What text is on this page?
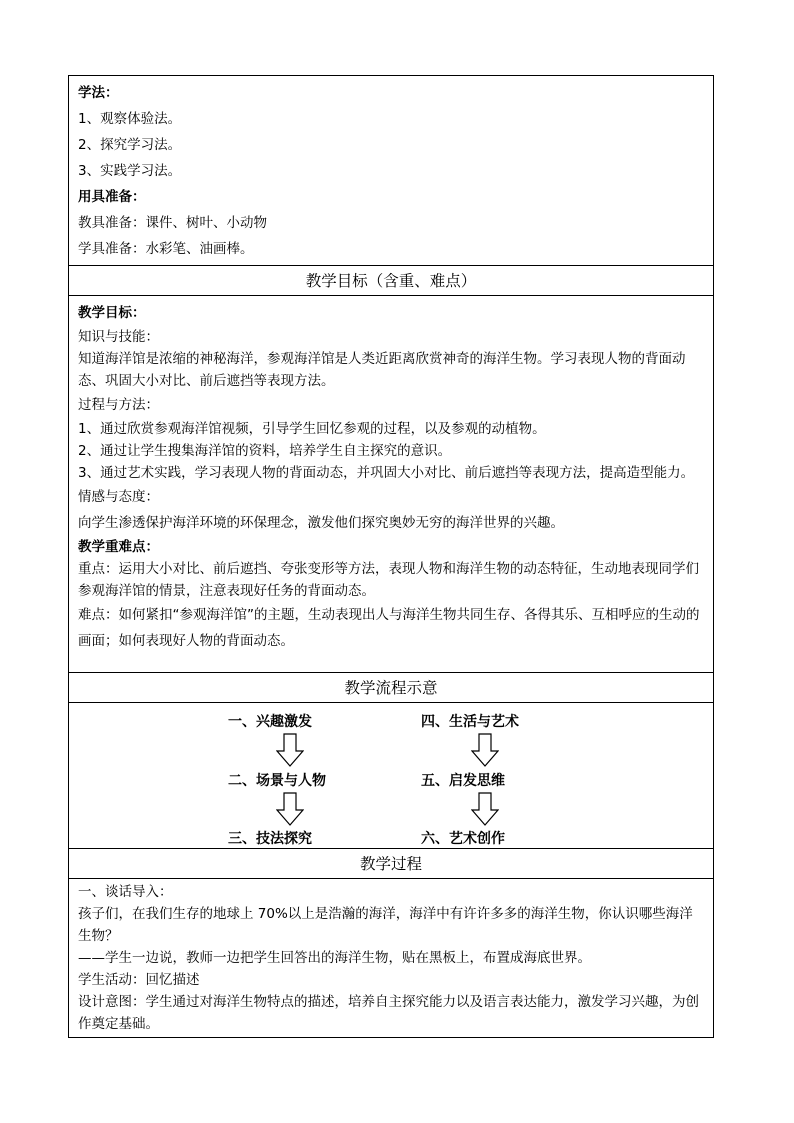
学法：
1、观察体验法。
2、探究学习法。
3、实践学习法。
用具准备：
教具准备：课件、树叶、小动物
学具准备：水彩笔、油画棒。
教学目标（含重、难点）
教学目标：
知识与技能：
知道海洋馆是浓缩的神秘海洋，参观海洋馆是人类近距离欣赏神奇的海洋生物。学习表现人物的背面动态、巩固大小对比、前后遮挡等表现方法。
过程与方法：
1、通过欣赏参观海洋馆视频，引导学生回忆参观的过程，以及参观的动植物。
2、通过让学生搜集海洋馆的资料，培养学生自主探究的意识。
3、通过艺术实践，学习表现人物的背面动态，并巩固大小对比、前后遮挡等表现方法，提高造型能力。
情感与态度：
向学生渗透保护海洋环境的环保理念，激发他们探究奥妙无穷的海洋世界的兴趣。
教学重难点：
重点：运用大小对比、前后遮挡、夸张变形等方法，表现人物和海洋生物的动态特征，生动地表现同学们参观海洋馆的情景，注意表现好任务的背面动态。
难点：如何紧扣“参观海洋馆”的主题，生动表现出人与海洋生物共同生存、各得其乐、互相呼应的生动的画面；如何表现好人物的背面动态。
教学流程示意
一、兴趣激发
二、场景与人物
三、技法探究
四、生活与艺术
五、启发思维
六、艺术创作
教学过程
一、谈话导入：
孩子们，在我们生存的地球上 70%以上是浩瀚的海洋，海洋中有许许多多的海洋生物，你认识哪些海洋生物？
——学生一边说，教师一边把学生回答出的海洋生物，贴在黑板上，布置成海底世界。
学生活动：回忆描述
设计意图：学生通过对海洋生物特点的描述，培养自主探究能力以及语言表达能力，激发学习兴趣，为创作奠定基础。
